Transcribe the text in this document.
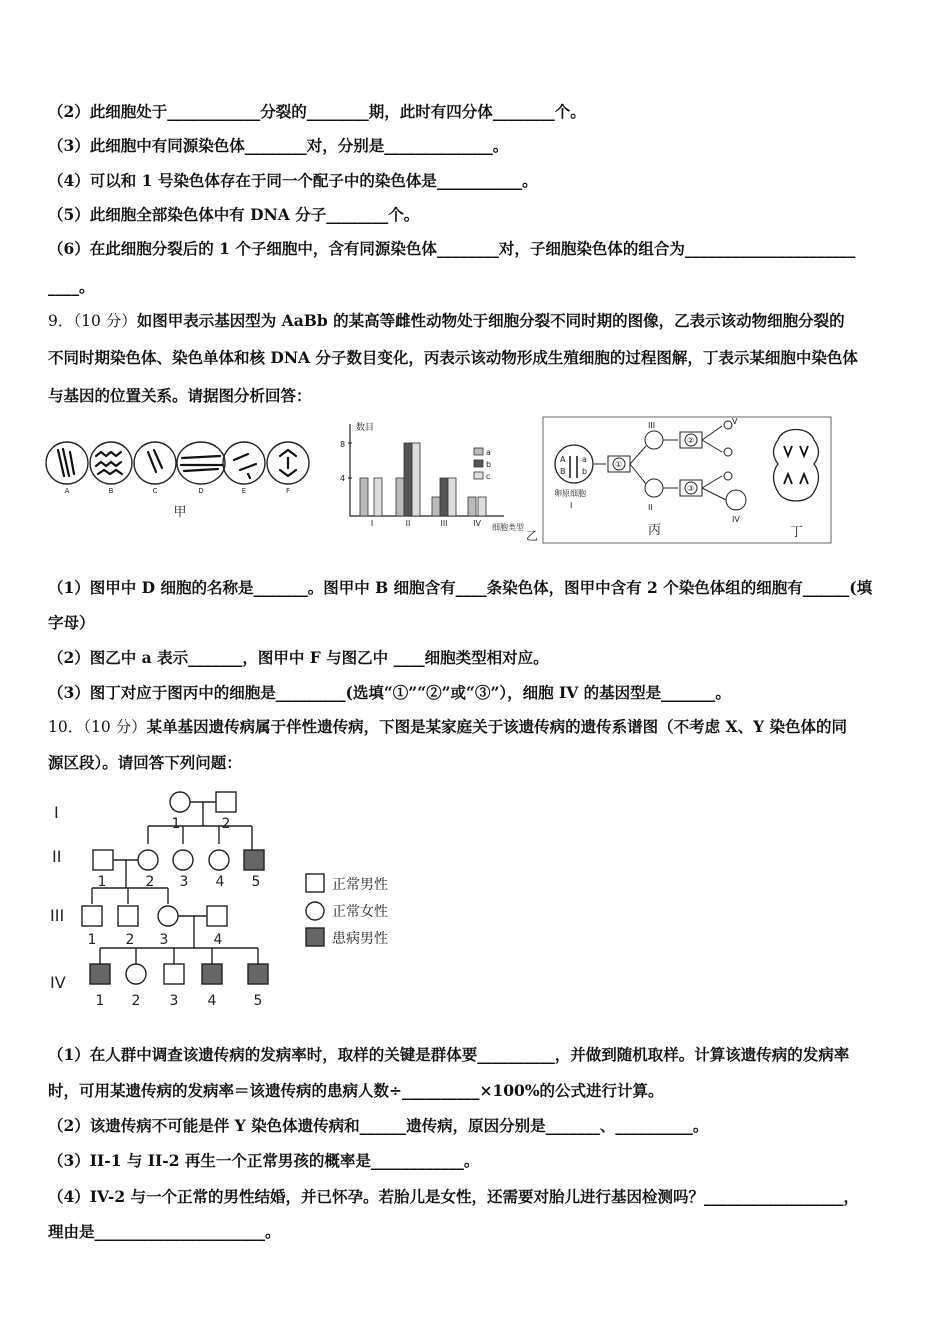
（2）此细胞处于____________分裂的________期，此时有四分体________个。
（3）此细胞中有同源染色体________对，分别是______________。
（4）可以和 1 号染色体存在于同一个配子中的染色体是___________。
（5）此细胞全部染色体中有 DNA 分子________个。
（6）在此细胞分裂后的 1 个子细胞中，含有同源染色体________对，子细胞染色体的组合为______________________
____。
9．（10 分）如图甲表示基因型为 AaBb 的某高等雌性动物处于细胞分裂不同时期的图像，乙表示该动物细胞分裂的
不同时期染色体、染色单体和核 DNA 分子数目变化，丙表示该动物形成生殖细胞的过程图解，丁表示某细胞中染色体
与基因的位置关系。请据图分析回答：
A	B	C	D	E	F
甲
数目
8
4
I	II	III	IV 细胞类型
a
b
c
乙
A a
B b
卵原细胞
I
①
III
II
②
③
V
IV
丙	丁
（1）图甲中 D 细胞的名称是_______。图甲中 B 细胞含有____条染色体，图甲中含有 2 个染色体组的细胞有______(填
字母）
（2）图乙中 a 表示_______，图甲中 F 与图乙中 ____细胞类型相对应。
（3）图丁对应于图丙中的细胞是_________(选填“①”“②”或“③”），细胞 IV 的基因型是_______。
10．（10 分）某单基因遗传病属于伴性遗传病，下图是某家庭关于该遗传病的遗传系谱图（不考虑 X、Y 染色体的同
源区段）。请回答下列问题：
I
II
III
IV
1	2
1	2 3 4 5
1 2 3	4
1 2 3 4	5
正常男性
正常女性
患病男性
（1）在人群中调查该遗传病的发病率时，取样的关键是群体要__________，并做到随机取样。计算该遗传病的发病率
时，可用某遗传病的发病率＝该遗传病的患病人数÷__________×100%的公式进行计算。
（2）该遗传病不可能是伴 Y 染色体遗传病和______遗传病，原因分别是_______、__________。
（3）II-1 与 II-2 再生一个正常男孩的概率是____________。
（4）IV-2 与一个正常的男性结婚，并已怀孕。若胎儿是女性，还需要对胎儿进行基因检测吗？__________________，
理由是______________________。
